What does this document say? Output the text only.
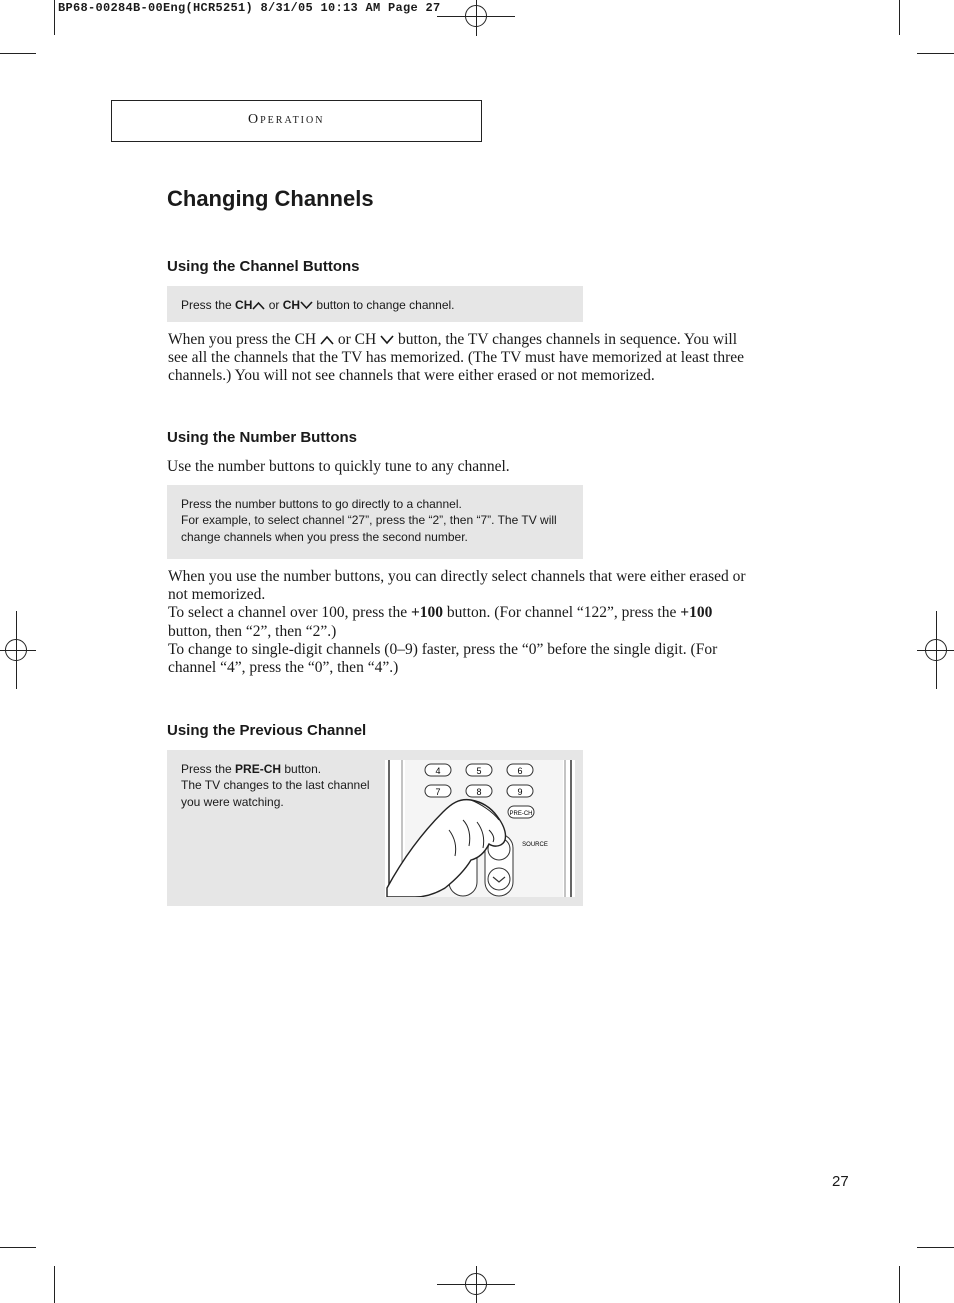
BP68-00284B-00Eng(HCR5251) 8/31/05 10:13 AM Page 27
Operation
Changing Channels
Using the Channel Buttons
Press the CH or CH button to change channel.
When you press the CH  or CH  button, the TV changes channels in sequence. You will
see all the channels that the TV has memorized. (The TV must have memorized at least three
channels.) You will not see channels that were either erased or not memorized.
Using the Number Buttons
Use the number buttons to quickly tune to any channel.
Press the number buttons to go directly to a channel.
For example, to select channel “27”, press the “2”, then “7”. The TV will
change channels when you press the second number.
When you use the number buttons, you can directly select channels that were either erased or
not memorized.
To select a channel over 100, press the +100 button. (For channel “122”, press the +100
button, then “2”, then “2”.)
To change to single-digit channels (0–9) faster, press the “0” before the single digit. (For
channel “4”, press the “0”, then “4”.)
Using the Previous Channel
Press the PRE-CH button.
The TV changes to the last channel
you were watching.
4	5	6
7	8	9
PRE-CH
SOURCE
27
